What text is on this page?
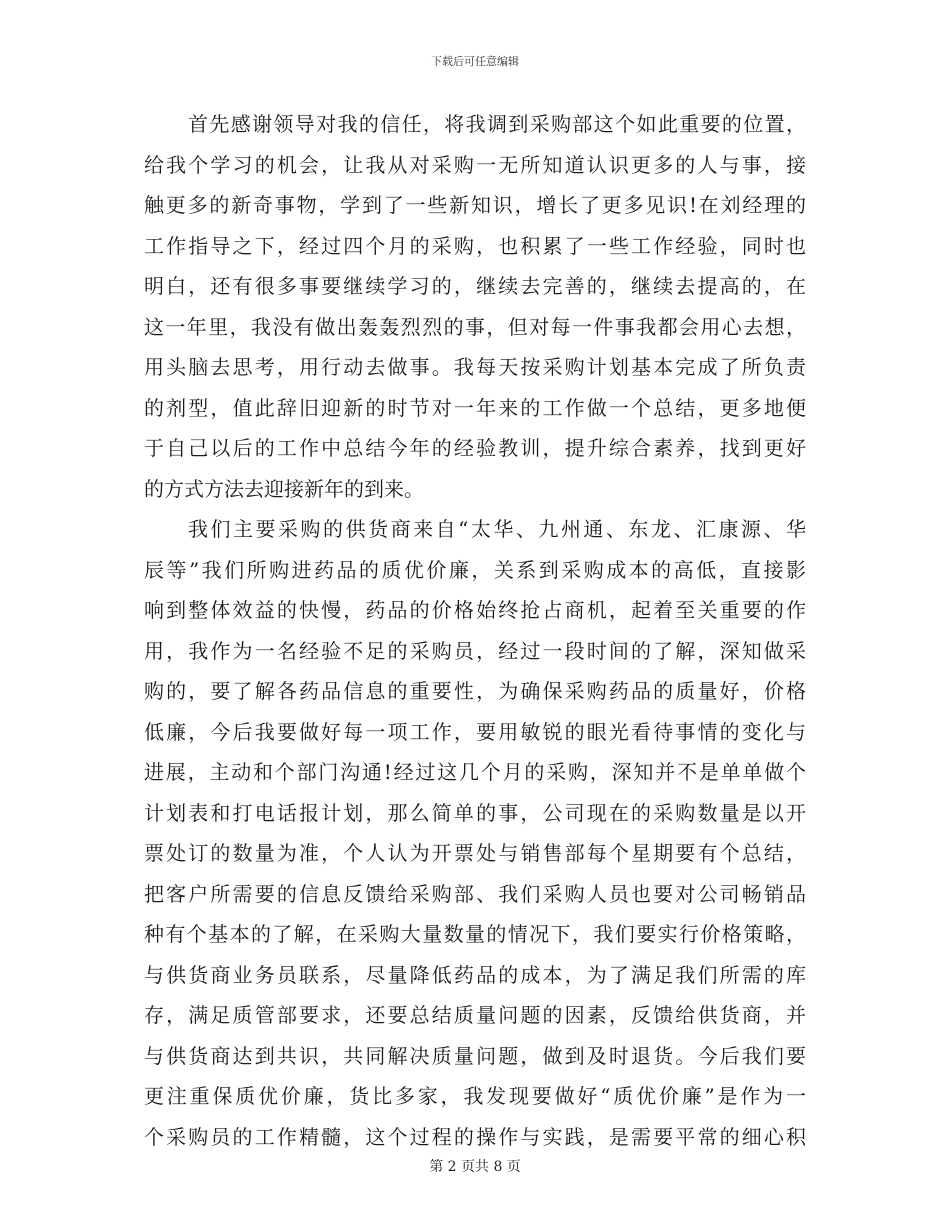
下载后可任意编辑

首先感谢领导对我的信任，将我调到采购部这个如此重要的位置，
给我个学习的机会，让我从对采购一无所知道认识更多的人与事，接
触更多的新奇事物，学到了一些新知识，增长了更多见识!在刘经理的
工作指导之下，经过四个月的采购，也积累了一些工作经验，同时也
明白，还有很多事要继续学习的，继续去完善的，继续去提高的，在
这一年里，我没有做出轰轰烈烈的事，但对每一件事我都会用心去想，
用头脑去思考，用行动去做事。我每天按采购计划基本完成了所负责
的剂型，值此辞旧迎新的时节对一年来的工作做一个总结，更多地便
于自己以后的工作中总结今年的经验教训，提升综合素养，找到更好
的方式方法去迎接新年的到来。

我们主要采购的供货商来自“太华、九州通、东龙、汇康源、华
辰等”我们所购进药品的质优价廉，关系到采购成本的高低，直接影
响到整体效益的快慢，药品的价格始终抢占商机，起着至关重要的作
用，我作为一名经验不足的采购员，经过一段时间的了解，深知做采
购的，要了解各药品信息的重要性，为确保采购药品的质量好，价格
低廉，今后我要做好每一项工作，要用敏锐的眼光看待事情的变化与
进展，主动和个部门沟通!经过这几个月的采购，深知并不是单单做个
计划表和打电话报计划，那么简单的事，公司现在的采购数量是以开
票处订的数量为准，个人认为开票处与销售部每个星期要有个总结，
把客户所需要的信息反馈给采购部、我们采购人员也要对公司畅销品
种有个基本的了解，在采购大量数量的情况下，我们要实行价格策略，
与供货商业务员联系，尽量降低药品的成本，为了满足我们所需的库
存，满足质管部要求，还要总结质量问题的因素，反馈给供货商，并
与供货商达到共识，共同解决质量问题，做到及时退货。今后我们要
更注重保质优价廉，货比多家，我发现要做好“质优价廉”是作为一
个采购员的工作精髓，这个过程的操作与实践，是需要平常的细心积

第 2 页共 8 页
